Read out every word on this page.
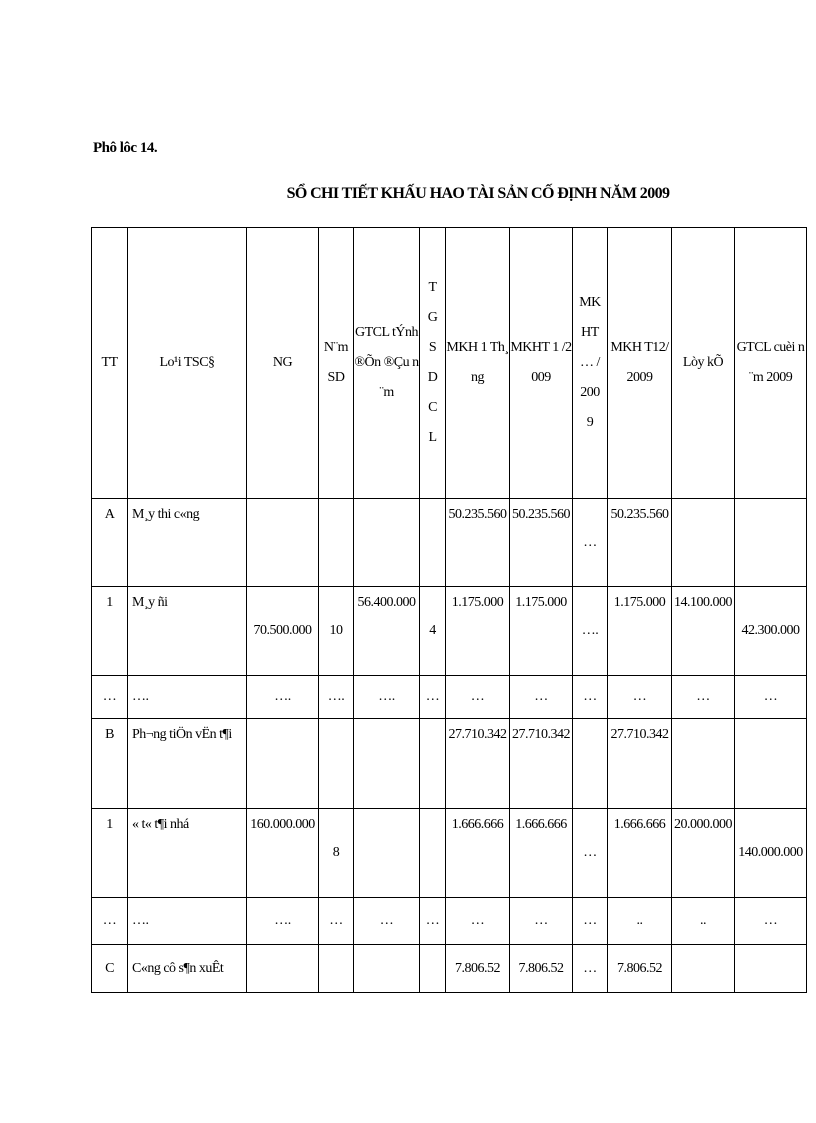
Phô lôc 14.
SỔ CHI TIẾT KHẤU HAO TÀI SẢN CỐ ĐỊNH NĂM 2009
TT	Lo¹i TSC§	NG	N¨m SD	GTCL tÝnh ®Õn ®Çu n¨m	T G S D C L	MKH 1 Th¸ng	MKHT 1 /2009	MK HT … / 200 9	MKH T12/2009	Lòy kÕ	GTCL cuèi n¨m 2009

A	M¸y thi c«ng					50.235.560	50.235.560	…	50.235.560		

1	M¸y ñi	70.500.000	10	56.400.000	4	1.175.000	1.175.000	….	1.175.000	14.100.000	42.300.000
…	….	….	….	….	…	…	…	…	…	…	…
B	Ph¬ng tiÖn vËn t¶i					27.710.342	27.710.342		27.710.342		

1	« t« t¶i nhá	160.000.000	8			1.666.666	1.666.666	…	1.666.666	20.000.000	140.000.000
…	….	….	…	…	…	…	…	…	..	..	…
C	C«ng cô s¶n xuÊt					7.806.52	7.806.52	…	7.806.52		
